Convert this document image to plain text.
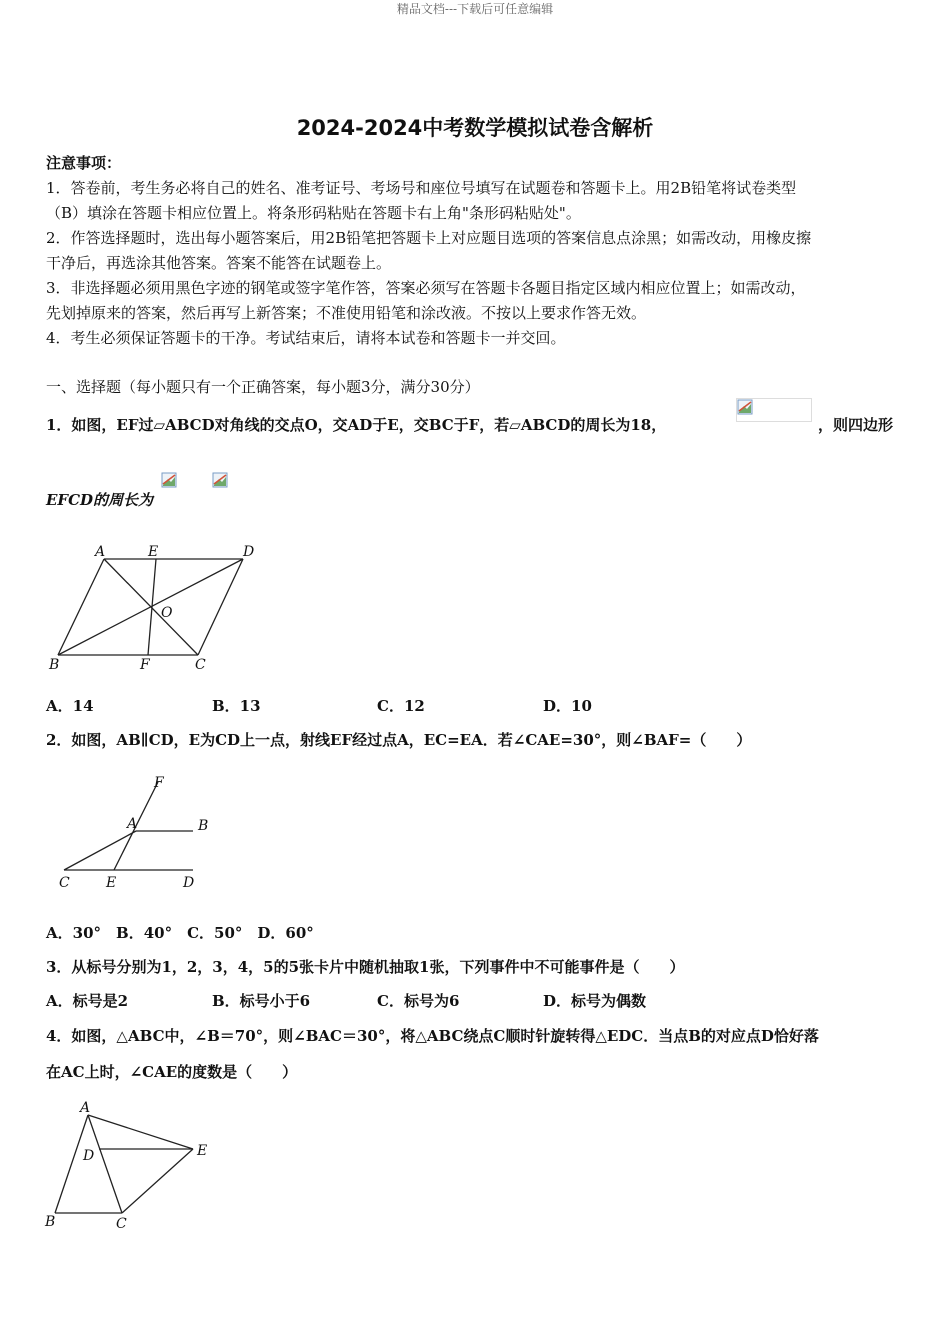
精品文档---下载后可任意编辑
2024-2024中考数学模拟试卷含解析
注意事项：
1．答卷前，考生务必将自己的姓名、准考证号、考场号和座位号填写在试题卷和答题卡上。用2B铅笔将试卷类型
（B）填涂在答题卡相应位置上。将条形码粘贴在答题卡右上角"条形码粘贴处"。
2．作答选择题时，选出每小题答案后，用2B铅笔把答题卡上对应题目选项的答案信息点涂黑；如需改动，用橡皮擦
干净后，再选涂其他答案。答案不能答在试题卷上。
3．非选择题必须用黑色字迹的钢笔或签字笔作答，答案必须写在答题卡各题目指定区域内相应位置上；如需改动，
先划掉原来的答案，然后再写上新答案；不准使用铅笔和涂改液。不按以上要求作答无效。
4．考生必须保证答题卡的干净。考试结束后，请将本试卷和答题卡一并交回。
一、选择题（每小题只有一个正确答案，每小题3分，满分30分）
1．如图，EF过▱ABCD对角线的交点O，交AD于E，交BC于F，若▱ABCD的周长为18，	，则四边形
EFCD的周长为
A	E	D
O
B	F	C
A．14	B．13	C．12	D．10
2．如图，AB∥CD，E为CD上一点，射线EF经过点A，EC=EA．若∠CAE=30°，则∠BAF=（　　）
F
A	B
C	E	D
A．30°　B．40°　C．50°　D．60°
3．从标号分别为1，2，3，4，5的5张卡片中随机抽取1张，下列事件中不可能事件是（　　）
A．标号是2	B．标号小于6	C．标号为6	D．标号为偶数
4．如图，△ABC中，∠B＝70°，则∠BAC＝30°，将△ABC绕点C顺时针旋转得△EDC．当点B的对应点D恰好落
在AC上时，∠CAE的度数是（　　）
A
D	E
B	C
